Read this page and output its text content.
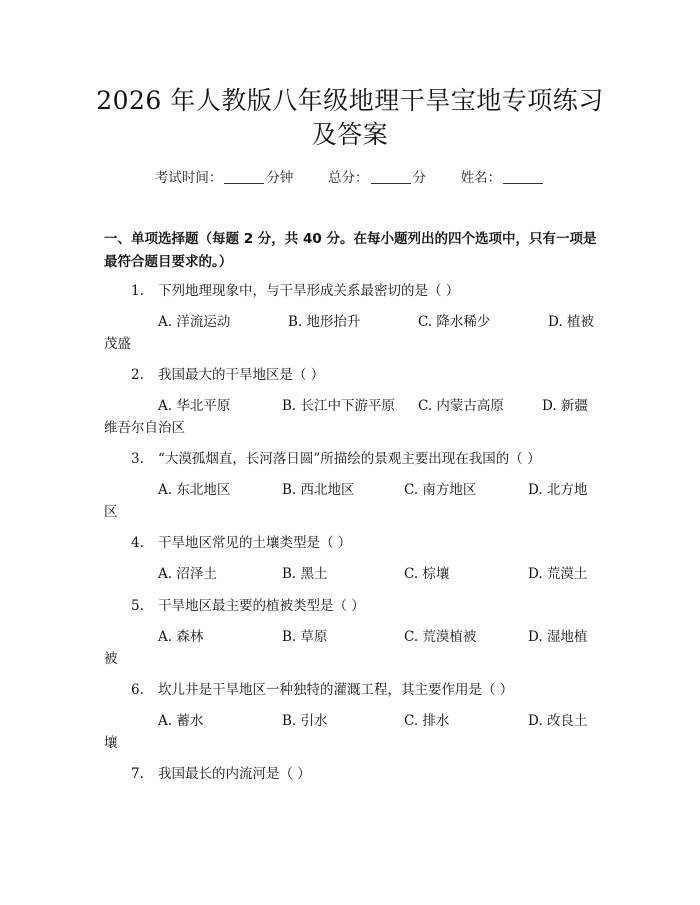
2026 年人教版八年级地理干旱宝地专项练习
及答案
考试时间：	分钟	总分：	分	姓名：
一、单项选择题（每题 2 分，共 40 分。在每小题列出的四个选项中，只有一项是
最符合题目要求的。）
1. 下列地理现象中，与干旱形成关系最密切的是（ ）
A. 洋流运动	B. 地形抬升	C. 降水稀少	D. 植被
茂盛
2. 我国最大的干旱地区是（ ）
A. 华北平原	B. 长江中下游平原 C. 内蒙古高原	D. 新疆
维吾尔自治区
3. “大漠孤烟直，长河落日圆”所描绘的景观主要出现在我国的（ ）
A. 东北地区	B. 西北地区	C. 南方地区	D. 北方地
区
4. 干旱地区常见的土壤类型是（ ）
A. 沼泽土	B. 黑土	C. 棕壤	D. 荒漠土
5. 干旱地区最主要的植被类型是（ ）
A. 森林	B. 草原	C. 荒漠植被	D. 湿地植
被
6. 坎儿井是干旱地区一种独特的灌溉工程，其主要作用是（ ）
A. 蓄水	B. 引水	C. 排水	D. 改良土
壤
7. 我国最长的内流河是（ ）
